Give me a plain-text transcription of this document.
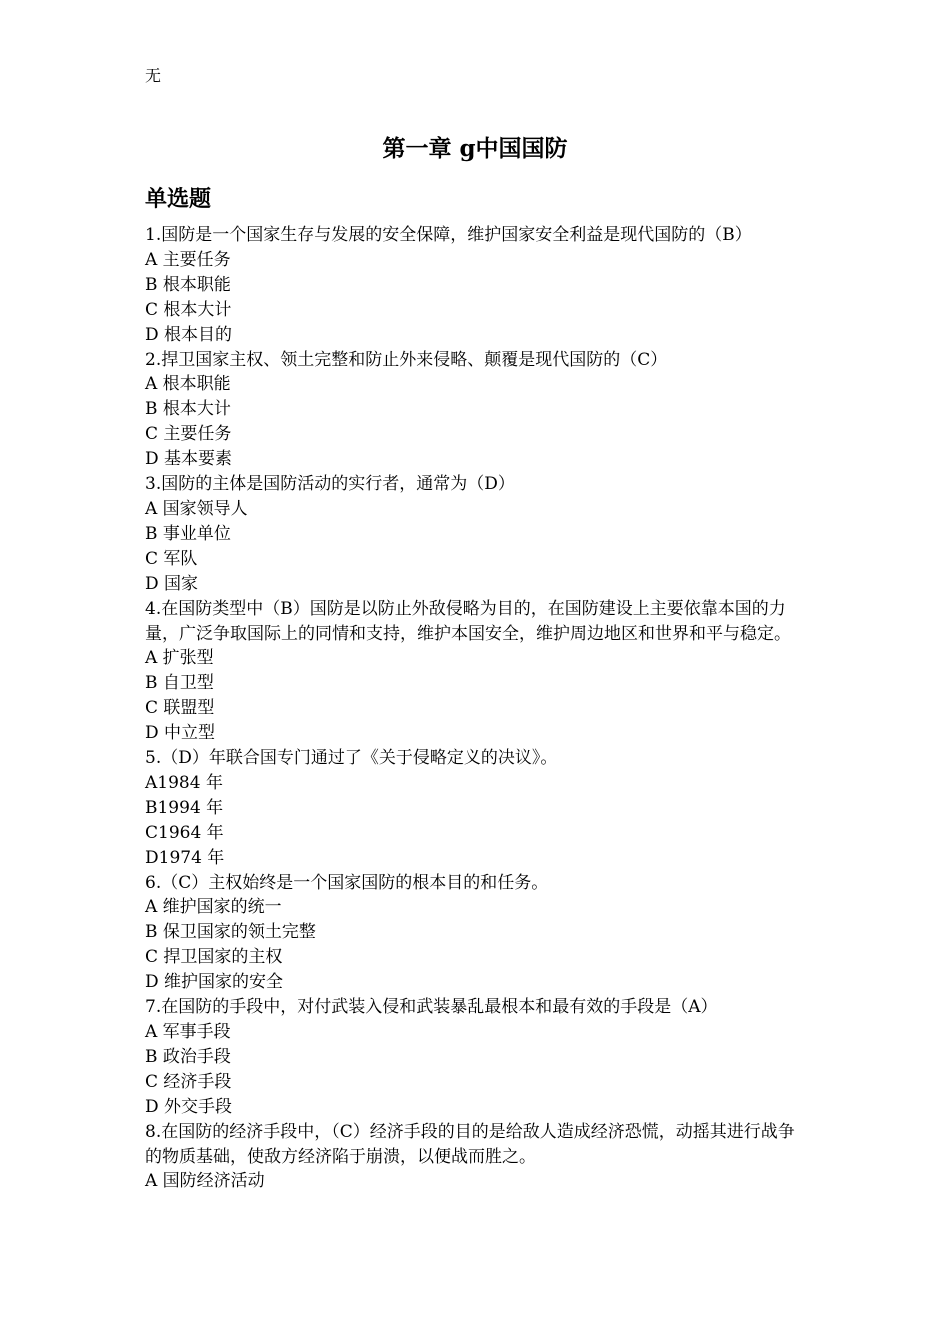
无
第一章 g中国国防
单选题

1.国防是一个国家生存与发展的安全保障，维护国家安全利益是现代国防的（B）

A 主要任务

B 根本职能

C 根本大计

D 根本目的

2.捍卫国家主权、领土完整和防止外来侵略、颠覆是现代国防的（C）

A 根本职能

B 根本大计

C 主要任务

D 基本要素

3.国防的主体是国防活动的实行者，通常为（D）

A 国家领导人

B 事业单位

C 军队

D 国家

4.在国防类型中（B）国防是以防止外敌侵略为目的，在国防建设上主要依靠本国的力量，广泛争取国际上的同情和支持，维护本国安全，维护周边地区和世界和平与稳定。

A 扩张型

B 自卫型

C 联盟型

D 中立型

5.（D）年联合国专门通过了《关于侵略定义的决议》。

A1984 年

B1994 年

C1964 年

D1974 年

6.（C）主权始终是一个国家国防的根本目的和任务。

A 维护国家的统一

B 保卫国家的领土完整

C 捍卫国家的主权

D 维护国家的安全

7.在国防的手段中，对付武装入侵和武装暴乱最根本和最有效的手段是（A）

A 军事手段

B 政治手段

C 经济手段

D 外交手段

8.在国防的经济手段中，（C）经济手段的目的是给敌人造成经济恐慌，动摇其进行战争的物质基础，使敌方经济陷于崩溃，以便战而胜之。

A 国防经济活动
